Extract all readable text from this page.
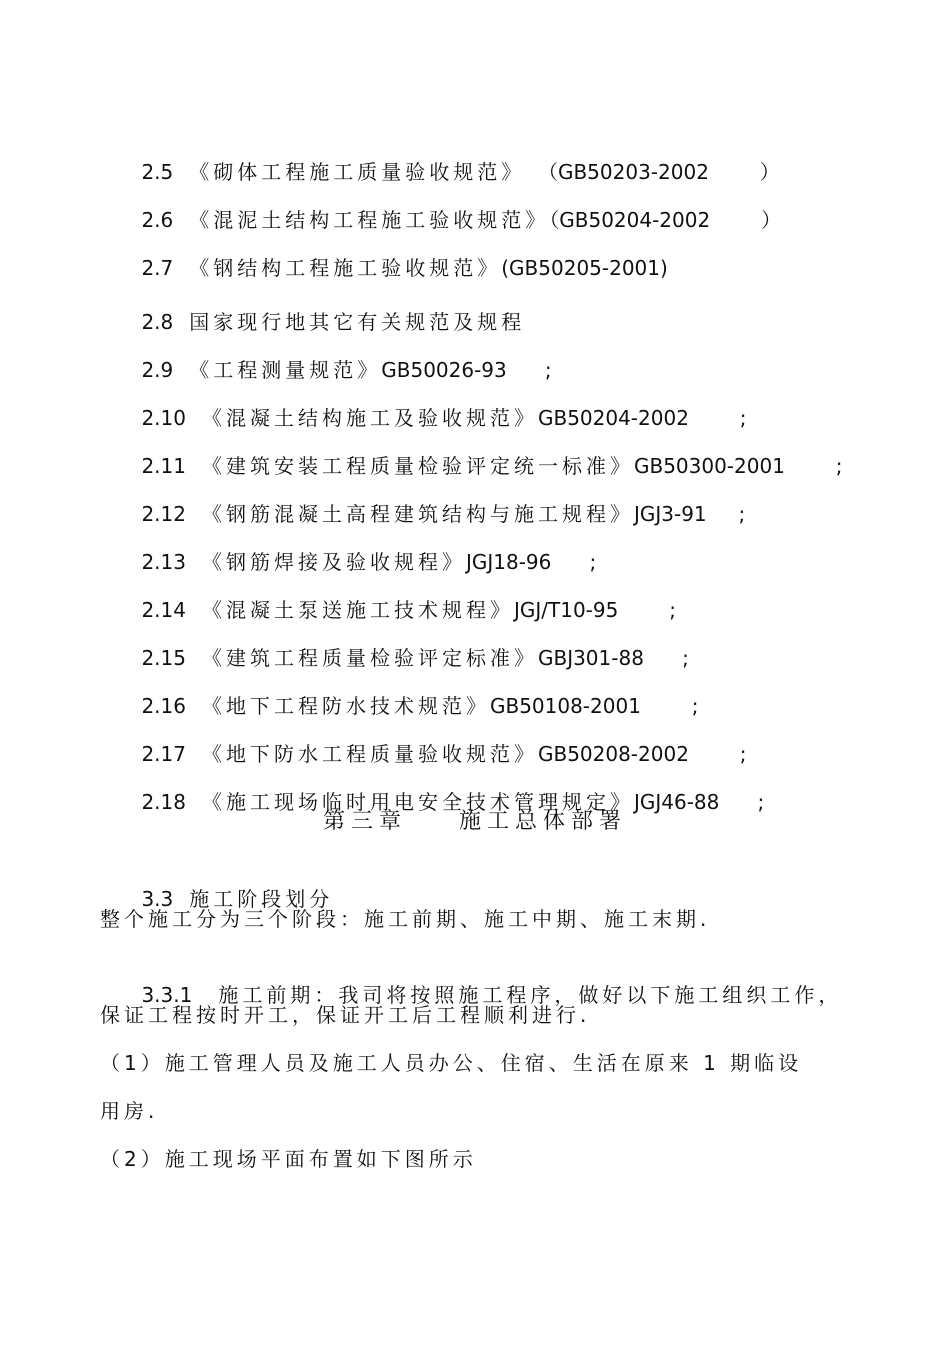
2.5 《砌体工程施工质量验收规范》  （GB50203-2002        ）

2.6 《混泥土结构工程施工验收规范》（GB50204-2002        ）

2.7 《钢结构工程施工验收规范》(GB50205-2001)

2.8 国家现行地其它有关规范及规程

2.9 《工程测量规范》GB50026-93      ;

2.10 《混凝土结构施工及验收规范》GB50204-2002        ;

2.11 《建筑安装工程质量检验评定统一标准》GB50300-2001        ;

2.12 《钢筋混凝土高程建筑结构与施工规程》JGJ3-91     ;

2.13 《钢筋焊接及验收规程》JGJ18-96      ;

2.14 《混凝土泵送施工技术规程》JGJ/T10-95        ;

2.15 《建筑工程质量检验评定标准》GBJ301-88      ;

2.16 《地下工程防水技术规范》GB50108-2001        ;

2.17 《地下防水工程质量验收规范》GB50208-2002        ;

2.18 《施工现场临时用电安全技术管理规定》JGJ46-88      ;

第三章    施工总体部署

3.3 施工阶段划分

整个施工分为三个阶段：施工前期、施工中期、施工末期.

3.3.1 施工前期：我司将按照施工程序，做好以下施工组织工作，

保证工程按时开工，保证开工后工程顺利进行.
（1）施工管理人员及施工人员办公、住宿、生活在原来 1 期临设
用房.
（2）施工现场平面布置如下图所示
